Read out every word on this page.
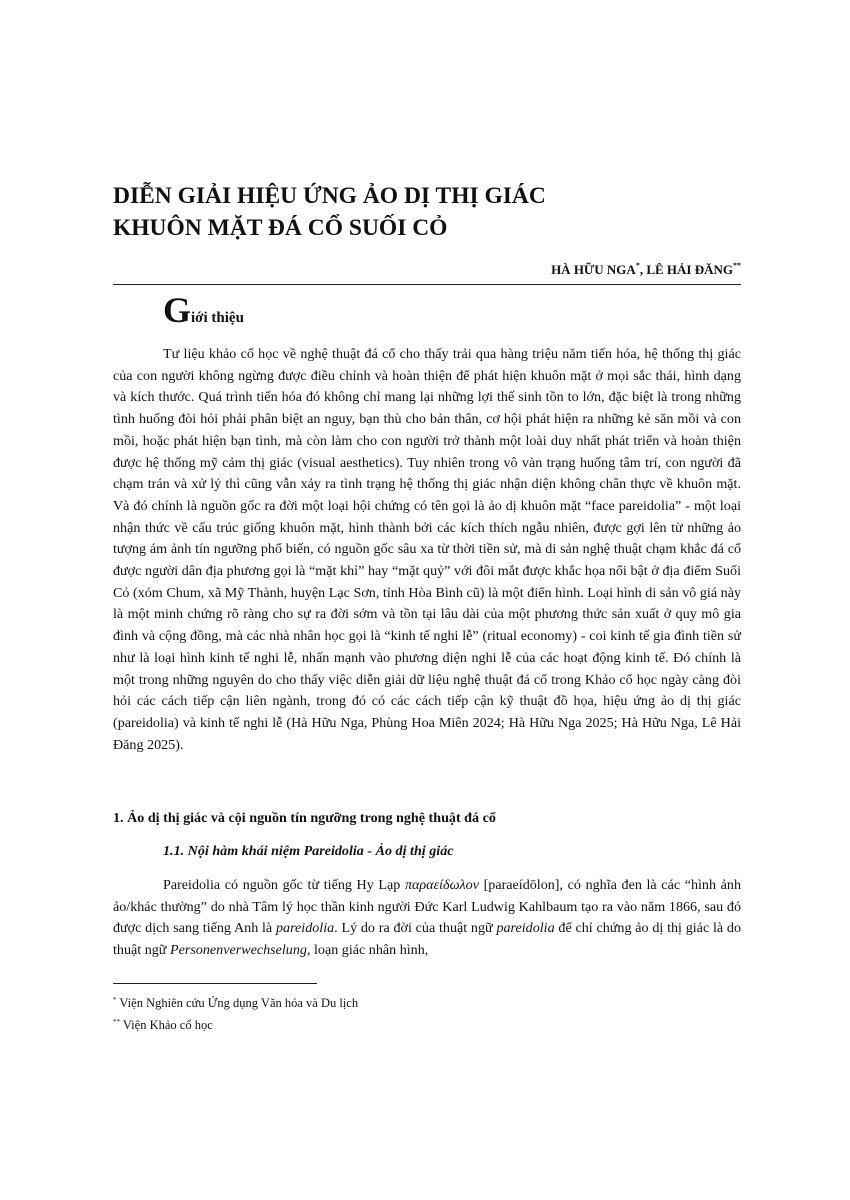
DIỄN GIẢI HIỆU ỨNG ẢO DỊ THỊ GIÁC
KHUÔN MẶT ĐÁ CỔ SUỐI CỎ
HÀ HỮU NGA*, LÊ HẢI ĐĂNG**
Giới thiệu

Tư liệu khảo cổ học về nghệ thuật đá cổ cho thấy trải qua hàng triệu năm tiến hóa, hệ thống thị giác của con người không ngừng được điều chỉnh và hoàn thiện để phát hiện khuôn mặt ở mọi sắc thái, hình dạng và kích thước. Quá trình tiến hóa đó không chỉ mang lại những lợi thế sinh tồn to lớn, đặc biệt là trong những tình huống đòi hỏi phải phân biệt an nguy, bạn thù cho bản thân, cơ hội phát hiện ra những kẻ săn mồi và con mồi, hoặc phát hiện bạn tình, mà còn làm cho con người trở thành một loài duy nhất phát triển và hoàn thiện được hệ thống mỹ cảm thị giác (visual aesthetics). Tuy nhiên trong vô vàn trạng huống tâm trí, con người đã chạm trán và xử lý thì cũng vẫn xảy ra tình trạng hệ thống thị giác nhận diện không chân thực về khuôn mặt. Và đó chính là nguồn gốc ra đời một loại hội chứng có tên gọi là ảo dị khuôn mặt “face pareidolia” - một loại nhận thức về cấu trúc giống khuôn mặt, hình thành bởi các kích thích ngẫu nhiên, được gợi lên từ những ảo tượng ám ảnh tín ngưỡng phổ biến, có nguồn gốc sâu xa từ thời tiền sử, mà di sản nghệ thuật chạm khắc đá cổ được người dân địa phương gọi là “mặt khỉ” hay “mặt quỷ” với đôi mắt được khắc họa nổi bật ở địa điểm Suối Cỏ (xóm Chum, xã Mỹ Thành, huyện Lạc Sơn, tỉnh Hòa Bình cũ) là một điển hình. Loại hình di sản vô giá này là một minh chứng rõ ràng cho sự ra đời sớm và tồn tại lâu dài của một phương thức sản xuất ở quy mô gia đình và cộng đồng, mà các nhà nhân học gọi là “kinh tế nghi lễ” (ritual economy) - coi kinh tế gia đình tiền sử như là loại hình kinh tế nghi lễ, nhấn mạnh vào phương diện nghi lễ của các hoạt động kinh tế. Đó chính là một trong những nguyên do cho thấy việc diễn giải dữ liệu nghệ thuật đá cổ trong Khảo cổ học ngày càng đòi hỏi các cách tiếp cận liên ngành, trong đó có các cách tiếp cận kỹ thuật đồ họa, hiệu ứng ảo dị thị giác (pareidolia) và kinh tế nghi lễ (Hà Hữu Nga, Phùng Hoa Miên 2024; Hà Hữu Nga 2025; Hà Hữu Nga, Lê Hải Đăng 2025).

1. Ảo dị thị giác và cội nguồn tín ngưỡng trong nghệ thuật đá cổ
1.1. Nội hàm khái niệm Pareidolia - Ảo dị thị giác

Pareidolia có nguồn gốc từ tiếng Hy Lạp παραείδωλον [paraeídōlon], có nghĩa đen là các “hình ảnh ảo/khác thường” do nhà Tâm lý học thần kinh người Đức Karl Ludwig Kahlbaum tạo ra vào năm 1866, sau đó được dịch sang tiếng Anh là pareidolia. Lý do ra đời của thuật ngữ pareidolia để chỉ chứng ảo dị thị giác là do thuật ngữ Personenverwechselung, loạn giác nhân hình,

* Viện Nghiên cứu Ứng dụng Văn hóa và Du lịch
** Viện Khảo cổ học
